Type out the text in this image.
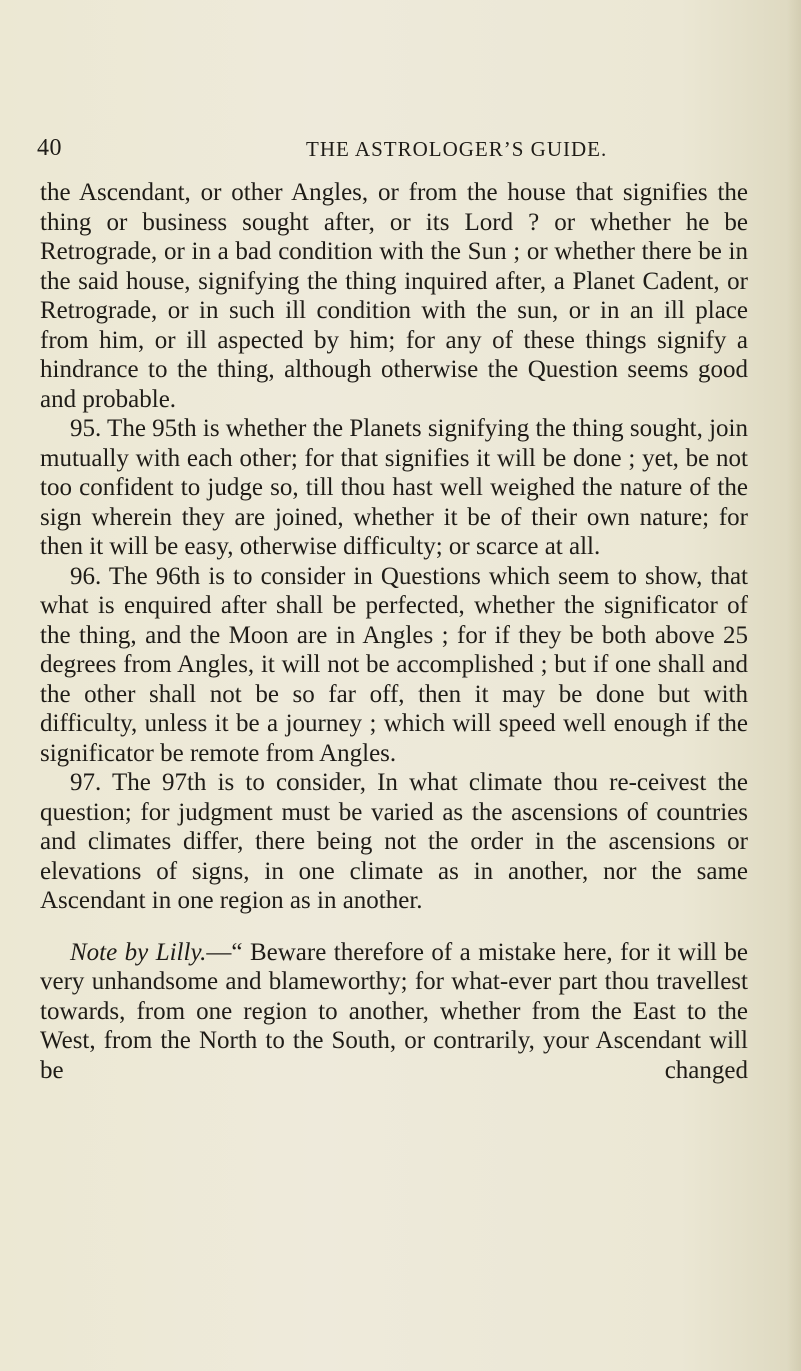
40	THE ASTROLOGER’S GUIDE.

the Ascendant, or other Angles, or from the house that signifies the thing or business sought after, or its Lord ? or whether he be Retrograde, or in a bad condition with the Sun ; or whether there be in the said house, signifying the thing inquired after, a Planet Cadent, or Retrograde, or in such ill condition with the sun, or in an ill place from him, or ill aspected by him; for any of these things signify a hindrance to the thing, although otherwise the Question seems good and probable.

95. The 95th is whether the Planets signifying the thing sought, join mutually with each other; for that signifies it will be done ; yet, be not too confident to judge so, till thou hast well weighed the nature of the sign wherein they are joined, whether it be of their own nature; for then it will be easy, otherwise difficulty; or scarce at all.

96. The 96th is to consider in Questions which seem to show, that what is enquired after shall be perfected, whether the significator of the thing, and the Moon are in Angles ; for if they be both above 25 degrees from Angles, it will not be accomplished ; but if one shall and the other shall not be so far off, then it may be done but with difficulty, unless it be a journey ; which will speed well enough if the significator be remote from Angles.

97. The 97th is to consider, In what climate thou re-ceivest the question; for judgment must be varied as the ascensions of countries and climates differ, there being not the order in the ascensions or elevations of signs, in one climate as in another, nor the same Ascendant in one region as in another.

Note by Lilly.—“ Beware therefore of a mistake here, for it will be very unhandsome and blameworthy; for what-ever part thou travellest towards, from one region to another, whether from the East to the West, from the North to the South, or contrarily, your Ascendant will be changed
